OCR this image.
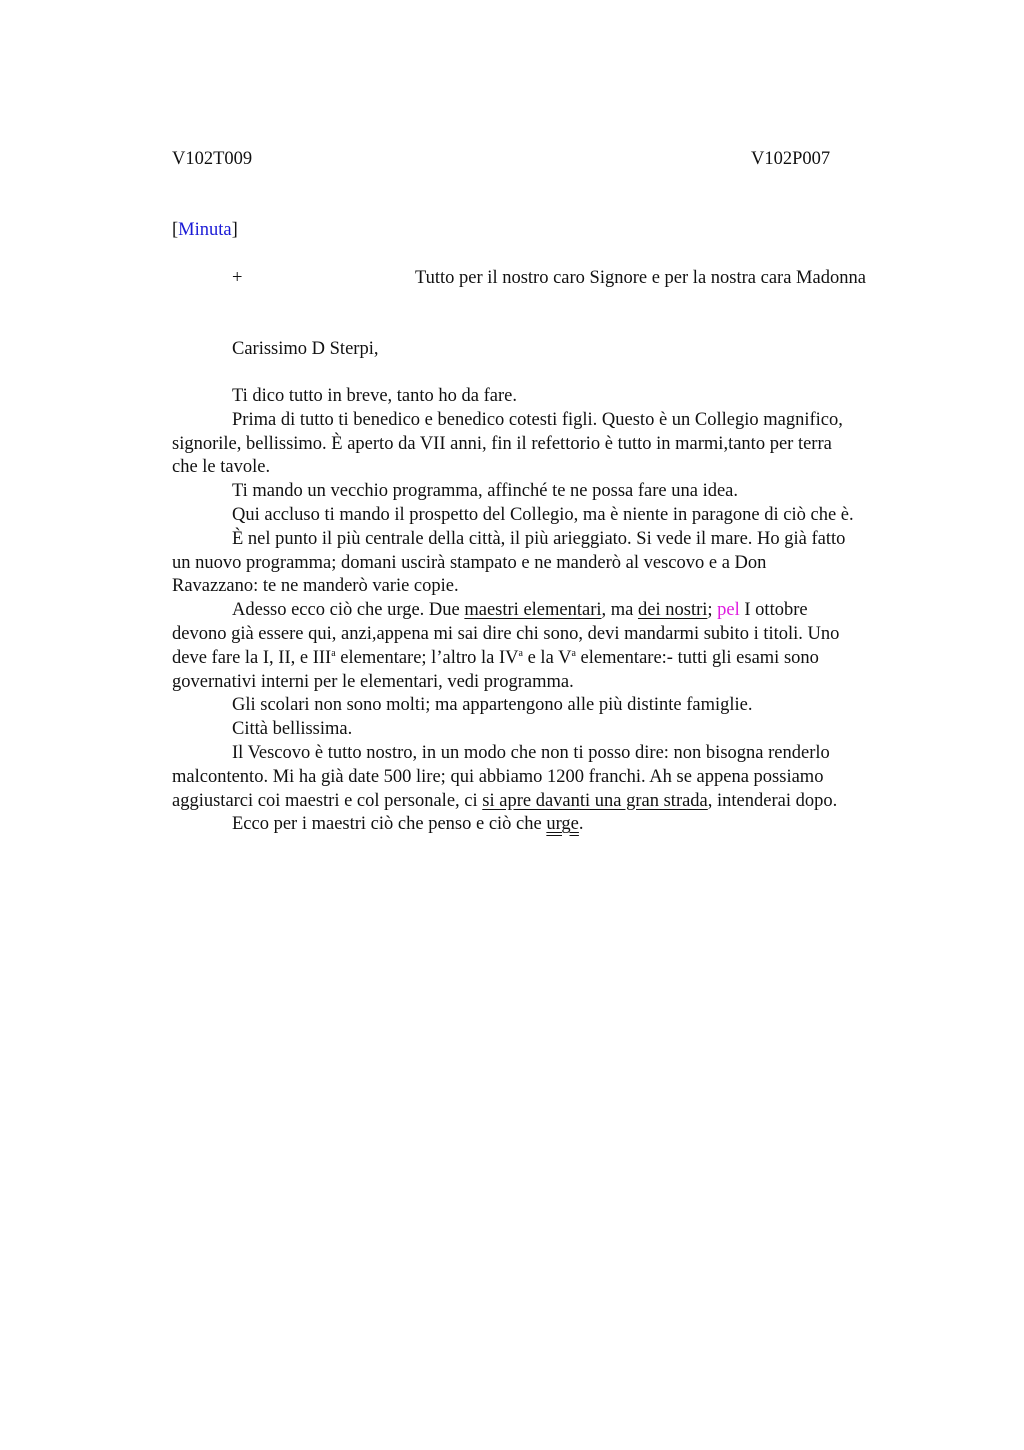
V102T009	V102P007
[Minuta]
+	Tutto per il nostro caro Signore e per la nostra cara Madonna
Carissimo D Sterpi,
Ti dico tutto in breve, tanto ho da fare.
Prima di tutto ti benedico e benedico cotesti figli. Questo è un Collegio magnifico,
signorile, bellissimo. È aperto da VII anni, fin il refettorio è tutto in marmi,tanto per terra
che le tavole.
Ti mando un vecchio programma, affinché te ne possa fare una idea.
Qui accluso ti mando il prospetto del Collegio, ma è niente in paragone di ciò che è.
È nel punto il più centrale della città, il più arieggiato. Si vede il mare. Ho già fatto
un nuovo programma; domani uscirà stampato e ne manderò al vescovo e a Don
Ravazzano: te ne manderò varie copie.
Adesso ecco ciò che urge. Due maestri elementari, ma dei nostri; pel I ottobre
devono già essere qui, anzi,appena mi sai dire chi sono, devi mandarmi subito i titoli. Uno
deve fare la I, II, e III$^a$ elementare; l’altro la $IV^a$ e la $V^a$ elementare:- tutti gli esami sono
governativi interni per le elementari, vedi programma.
Gli scolari non sono molti; ma appartengono alle più distinte famiglie.
Città bellissima.
Il Vescovo è tutto nostro, in un modo che non ti posso dire: non bisogna renderlo
malcontento. Mi ha già date 500 lire; qui abbiamo 1200 franchi. Ah se appena possiamo
aggiustarci coi maestri e col personale, ci si apre davanti una gran strada, intenderai dopo.
Ecco per i maestri ciò che penso e ciò che urge.
